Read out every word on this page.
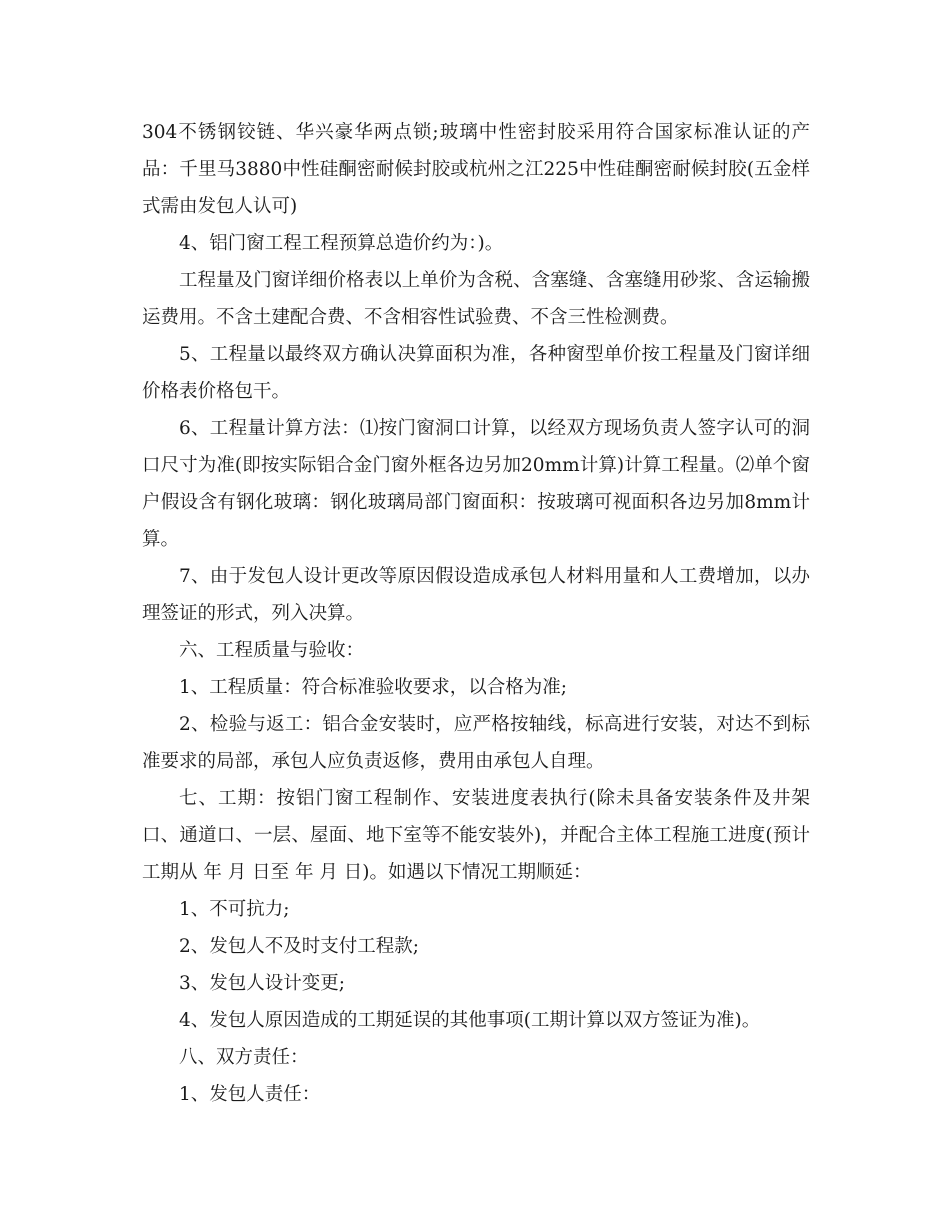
304不锈钢铰链、华兴豪华两点锁;玻璃中性密封胶采用符合国家标准认证的产品：千里马3880中性硅酮密耐候封胶或杭州之江225中性硅酮密耐候封胶(五金样式需由发包人认可)

4、铝门窗工程工程预算总造价约为：)。

工程量及门窗详细价格表以上单价为含税、含塞缝、含塞缝用砂浆、含运输搬运费用。不含土建配合费、不含相容性试验费、不含三性检测费。

5、工程量以最终双方确认决算面积为准，各种窗型单价按工程量及门窗详细价格表价格包干。

6、工程量计算方法：⑴按门窗洞口计算，以经双方现场负责人签字认可的洞口尺寸为准(即按实际铝合金门窗外框各边另加20mm计算)计算工程量。⑵单个窗户假设含有钢化玻璃：钢化玻璃局部门窗面积：按玻璃可视面积各边另加8mm计算。

7、由于发包人设计更改等原因假设造成承包人材料用量和人工费增加，以办理签证的形式，列入决算。

六、工程质量与验收：

1、工程质量：符合标准验收要求，以合格为准;

2、检验与返工：铝合金安装时，应严格按轴线，标高进行安装，对达不到标准要求的局部，承包人应负责返修，费用由承包人自理。

七、工期：按铝门窗工程制作、安装进度表执行(除未具备安装条件及井架口、通道口、一层、屋面、地下室等不能安装外)，并配合主体工程施工进度(预计工期从 年 月 日至 年 月 日)。如遇以下情况工期顺延：

1、不可抗力;

2、发包人不及时支付工程款;

3、发包人设计变更;

4、发包人原因造成的工期延误的其他事项(工期计算以双方签证为准)。

八、双方责任：

1、发包人责任：
